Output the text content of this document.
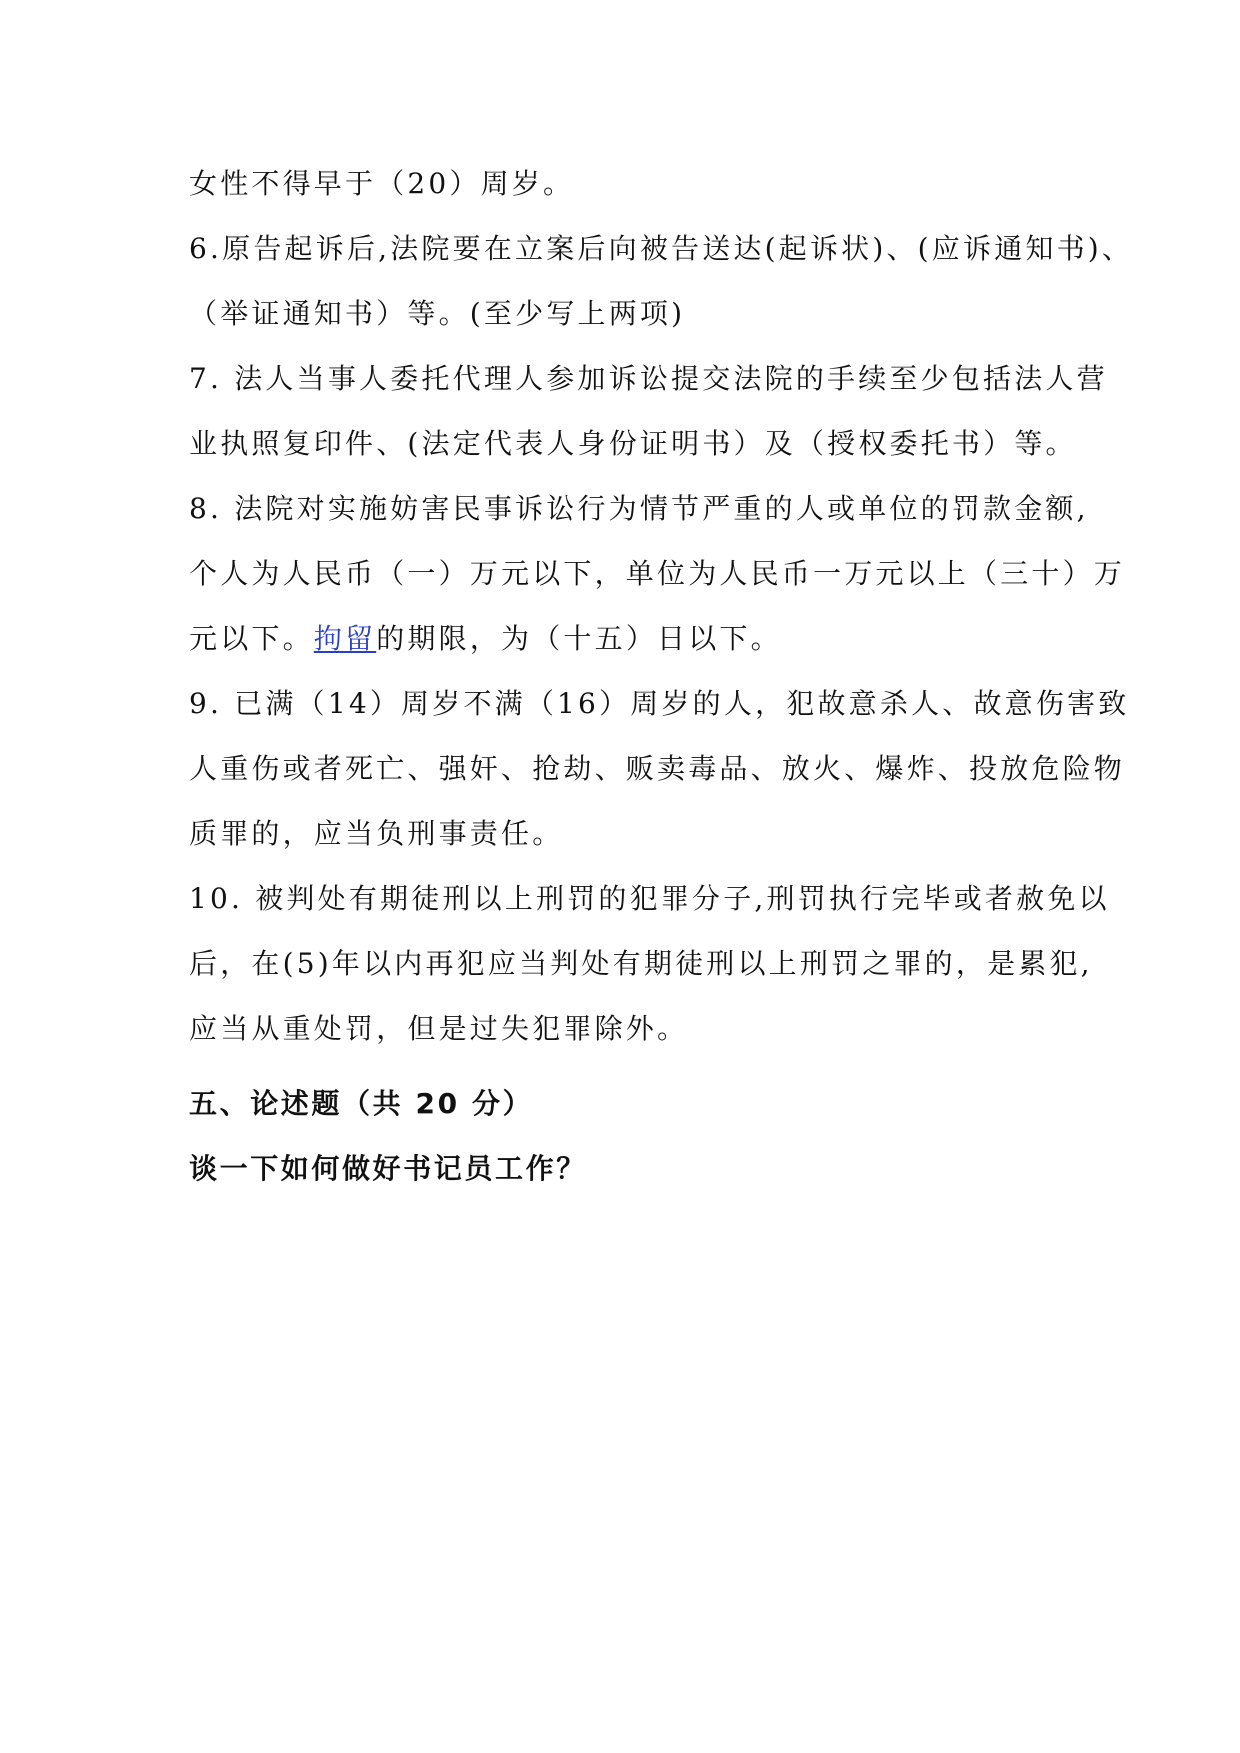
女性不得早于（20）周岁。
6.原告起诉后,法院要在立案后向被告送达(起诉状)、(应诉通知书)、
（举证通知书）等。(至少写上两项)
7. 法人当事人委托代理人参加诉讼提交法院的手续至少包括法人营
业执照复印件、(法定代表人身份证明书）及（授权委托书）等。
8. 法院对实施妨害民事诉讼行为情节严重的人或单位的罚款金额,
个人为人民币（一）万元以下，单位为人民币一万元以上（三十）万
元以下。拘留的期限，为（十五）日以下。
9. 已满（14）周岁不满（16）周岁的人，犯故意杀人、故意伤害致
人重伤或者死亡、强奸、抢劫、贩卖毒品、放火、爆炸、投放危险物
质罪的，应当负刑事责任。
10. 被判处有期徒刑以上刑罚的犯罪分子,刑罚执行完毕或者赦免以
后，在(5)年以内再犯应当判处有期徒刑以上刑罚之罪的，是累犯,
应当从重处罚，但是过失犯罪除外。
五、论述题（共 20 分）
谈一下如何做好书记员工作？
